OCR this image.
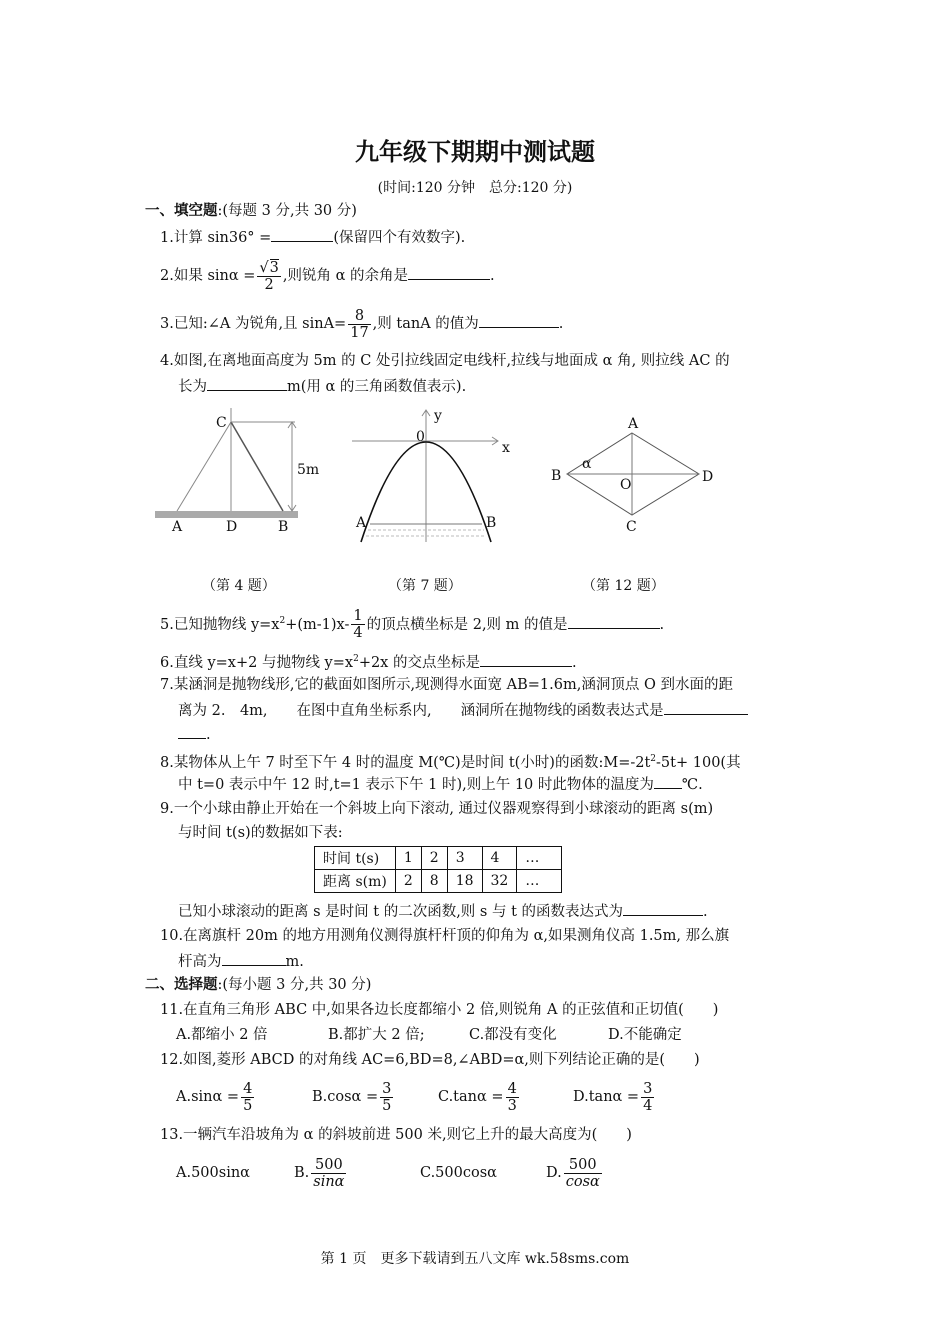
九年级下期期中测试题
(时间:120 分钟　总分:120 分)
一、填空题:(每题 3 分,共 30 分)
1.计算 sin36° =	(保留四个有效数字).
2.如果 $\sin\alpha = \frac{√3}{2}$ ,则锐角 α 的余角是	.
3.已知:∠A 为锐角,且 $\sin A= \frac{8}{17}$ ,则 tanA 的值为	.
4.如图,在离地面高度为 5m 的 C 处引拉线固定电线杆,拉线与地面成 α 角, 则拉线 AC 的
长为	m(用 α 的三角函数值表示).
C
A	D	B
5m
y
x
0
A	B
A
B	D
C
O
α
（第 4 题）	（第 7 题）	（第 12 题）
5.已知抛物线 $y=x^2+(m-1)x- \frac{1}{4}$ 的顶点横坐标是 2,则 m 的值是	.
6.直线 y=x+2 与抛物线 $y=x^2+2x$ 的交点坐标是	.
7.某涵洞是抛物线形,它的截面如图所示,现测得水面宽 AB=1.6m,涵洞顶点 O 到水面的距
离为 2.　4m,　　在图中直角坐标系内,　　涵洞所在抛物线的函数表达式是
.
8.某物体从上午 7 时至下午 4 时的温度 M(℃)是时间 t(小时)的函数$:M=-2t^2-5t+ 100$(其
中 t=0 表示中午 12 时,t=1 表示下午 1 时),则上午 10 时此物体的温度为 ℃.
9.一个小球由静止开始在一个斜坡上向下滚动, 通过仪器观察得到小球滚动的距离 s(m)
与时间 t(s)的数据如下表:
时间 t(s)	1	2	3	4	…
距离 s(m)	2	8	18	32	…
已知小球滚动的距离 s 是时间 t 的二次函数,则 s 与 t 的函数表达式为	.
10.在离旗杆 20m 的地方用测角仪测得旗杆杆顶的仰角为 α,如果测角仪高 1.5m, 那么旗
杆高为	m.
二、选择题:(每小题 3 分,共 30 分)
11.在直角三角形 ABC 中,如果各边长度都缩小 2 倍,则锐角 A 的正弦值和正切值(　　)
A.都缩小 2 倍	B.都扩大 2 倍;	C.都没有变化	D.不能确定
12.如图,菱形 ABCD 的对角线 AC=6,BD=8,∠ABD=α,则下列结论正确的是(　　)
$A.\sin\alpha = \frac{4}{5}$	$B.\cos\alpha = \frac{3}{5}$	$C.\tan\alpha = \frac{4}{3}$	$D.\tan\alpha = \frac{3}{4}$
13.一辆汽车沿坡角为 α 的斜坡前进 500 米,则它上升的最大高度为(　　)
A.500sinα	B. $\frac{500}{\sin\alpha}$	C.500cosα	D. $\frac{500}{\cos\alpha}$
第 1 页　更多下载请到五八文库 wk.58sms.com
